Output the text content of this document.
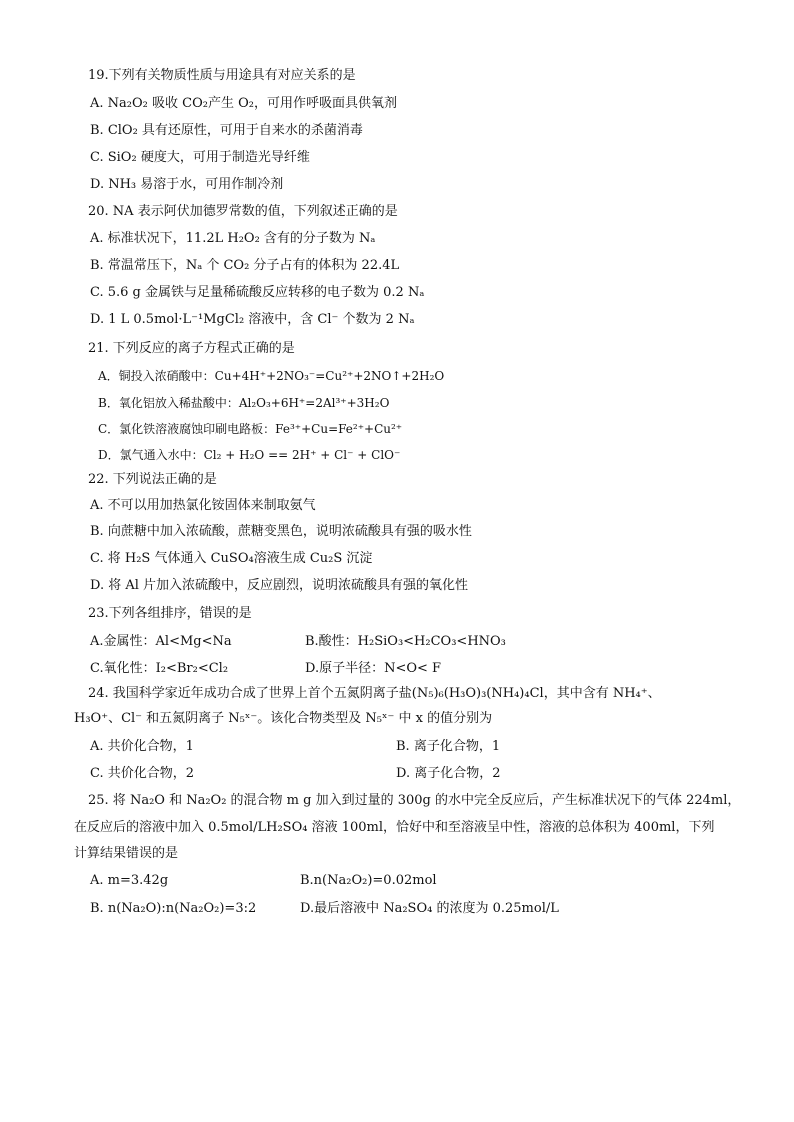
19.下列有关物质性质与用途具有对应关系的是
A. Na₂O₂ 吸收 CO₂产生 O₂，可用作呼吸面具供氧剂
B. ClO₂ 具有还原性，可用于自来水的杀菌消毒
C. SiO₂ 硬度大，可用于制造光导纤维
D. NH₃ 易溶于水，可用作制冷剂
20. NA 表示阿伏加德罗常数的值，下列叙述正确的是
A. 标准状况下，11.2L H₂O₂ 含有的分子数为 Nₐ
B. 常温常压下，Nₐ 个 CO₂ 分子占有的体积为 22.4L
C. 5.6 g 金属铁与足量稀硫酸反应转移的电子数为 0.2 Nₐ
D. 1 L 0.5mol·L⁻¹MgCl₂ 溶液中，含 Cl⁻ 个数为 2 Nₐ
21. 下列反应的离子方程式正确的是
A．铜投入浓硝酸中：Cu+4H⁺+2NO₃⁻=Cu²⁺+2NO↑+2H₂O
B．氧化铝放入稀盐酸中：Al₂O₃+6H⁺=2Al³⁺+3H₂O
C．氯化铁溶液腐蚀印刷电路板：Fe³⁺+Cu=Fe²⁺+Cu²⁺
D．氯气通入水中：Cl₂ + H₂O == 2H⁺ + Cl⁻ + ClO⁻
22. 下列说法正确的是
A. 不可以用加热氯化铵固体来制取氨气
B. 向蔗糖中加入浓硫酸，蔗糖变黑色，说明浓硫酸具有强的吸水性
C. 将 H₂S 气体通入 CuSO₄溶液生成 Cu₂S 沉淀
D. 将 Al 片加入浓硫酸中，反应剧烈，说明浓硫酸具有强的氧化性
23.下列各组排序，错误的是
A.金属性：Al<Mg<Na	B.酸性：H₂SiO₃<H₂CO₃<HNO₃
C.氧化性：I₂<Br₂<Cl₂	D.原子半径：N<O< F
24. 我国科学家近年成功合成了世界上首个五氮阴离子盐(N₅)₆(H₃O)₃(NH₄)₄Cl，其中含有 NH₄⁺、
H₃O⁺、Cl⁻ 和五氮阴离子 N₅ˣ⁻。该化合物类型及 N₅ˣ⁻ 中 x 的值分别为
A. 共价化合物，1	B. 离子化合物，1
C. 共价化合物，2	D. 离子化合物，2
25. 将 Na₂O 和 Na₂O₂ 的混合物 m g 加入到过量的 300g 的水中完全反应后，产生标准状况下的气体 224ml，
在反应后的溶液中加入 0.5mol/LH₂SO₄ 溶液 100ml，恰好中和至溶液呈中性，溶液的总体积为 400ml，下列
计算结果错误的是
A. m=3.42g	B.n(Na₂O₂)=0.02mol
B. n(Na₂O):n(Na₂O₂)=3:2	D.最后溶液中 Na₂SO₄ 的浓度为 0.25mol/L
